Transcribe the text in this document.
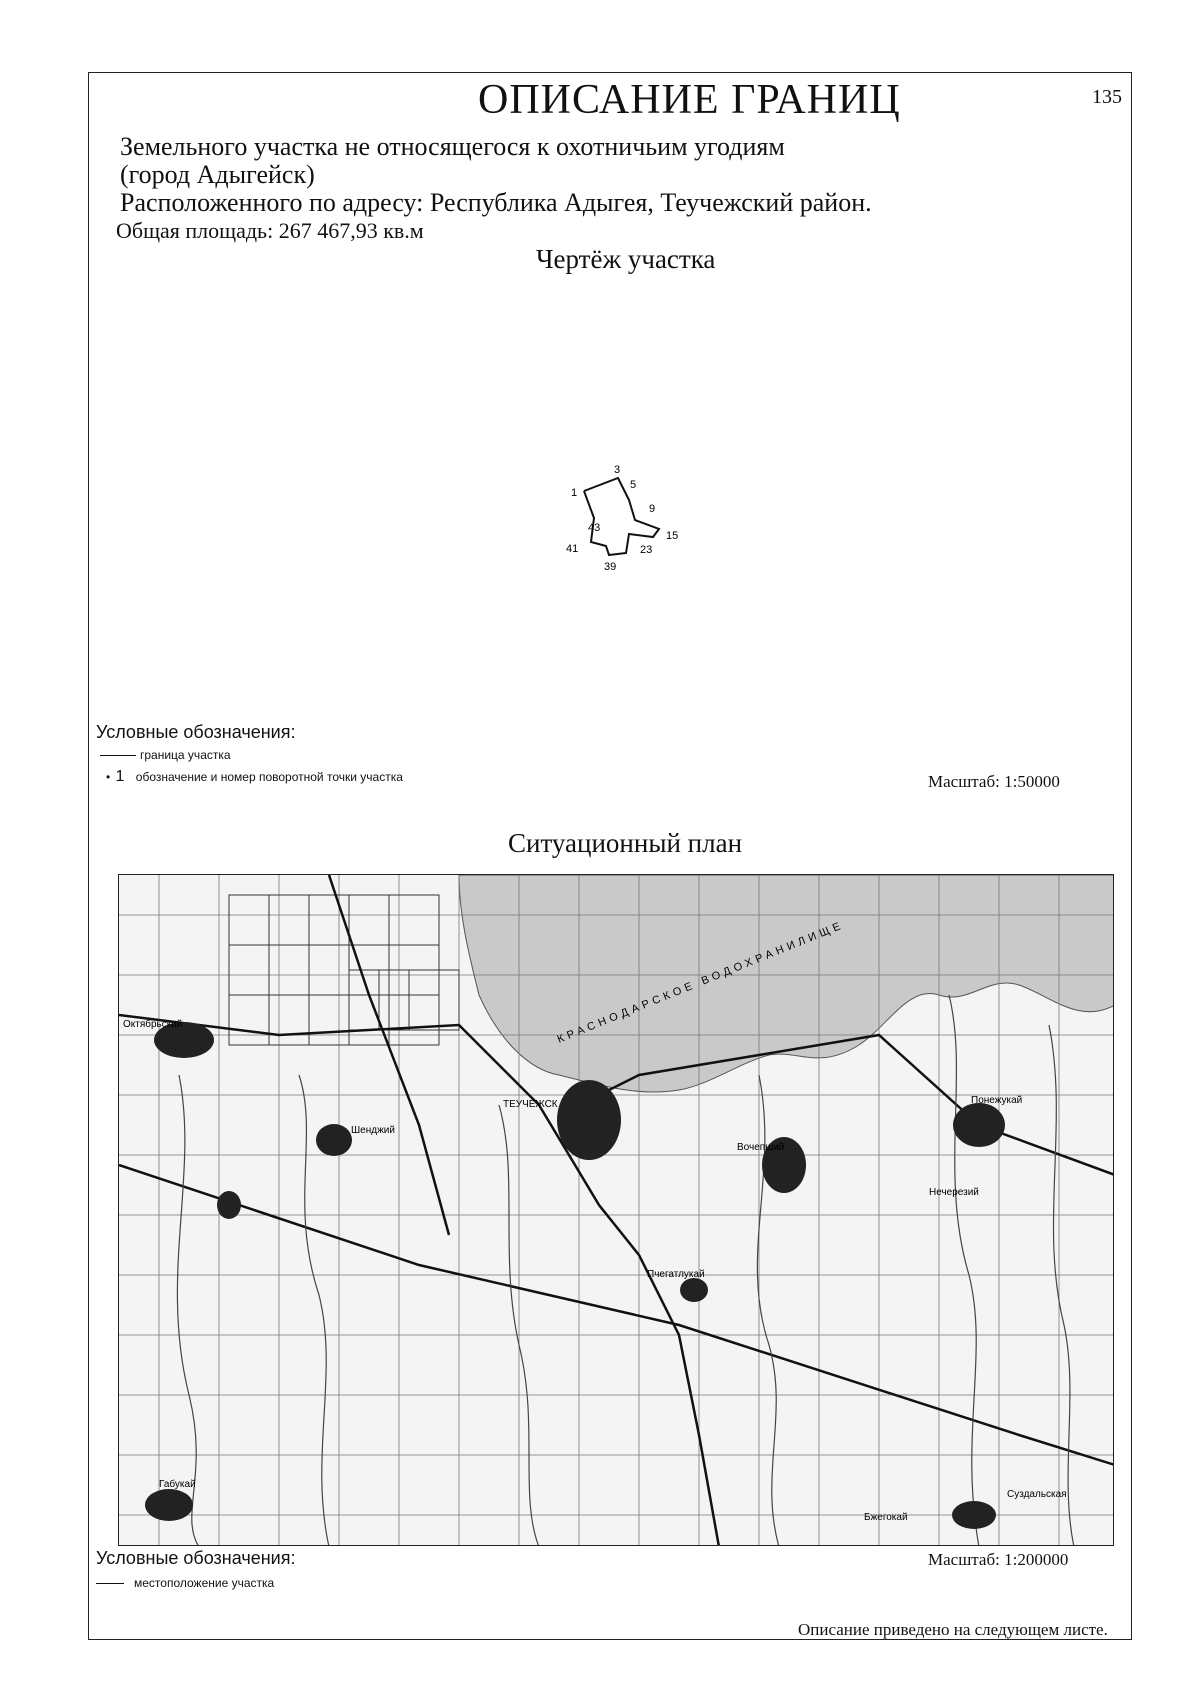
ОПИСАНИЕ ГРАНИЦ	135
Земельного участка не относящегося к охотничьим угодиям
(город Адыгейск)
Расположенного по адресу: Республика Адыгея, Теучежский район.
Общая площадь: 267 467,93 кв.м
Чертёж участка
3
1
5
9
15
23
39
41
43
Условные обозначения:
граница участка
• 1 обозначение и номер поворотной точки участка	Масштаб: 1:50000
Ситуационный план
Октябрьский
ТЕУЧЕЖСК
Пчегатлукай
Вочепший
Понежукай
Шенджий
Суздальская
Бжегокай
Нечерезий
Габукай
КРАСНОДАРСКОЕ ВОДОХРАНИЛИЩЕ
Условные обозначения:	Масштаб: 1:200000
местоположение участка
Описание приведено на следующем листе.
